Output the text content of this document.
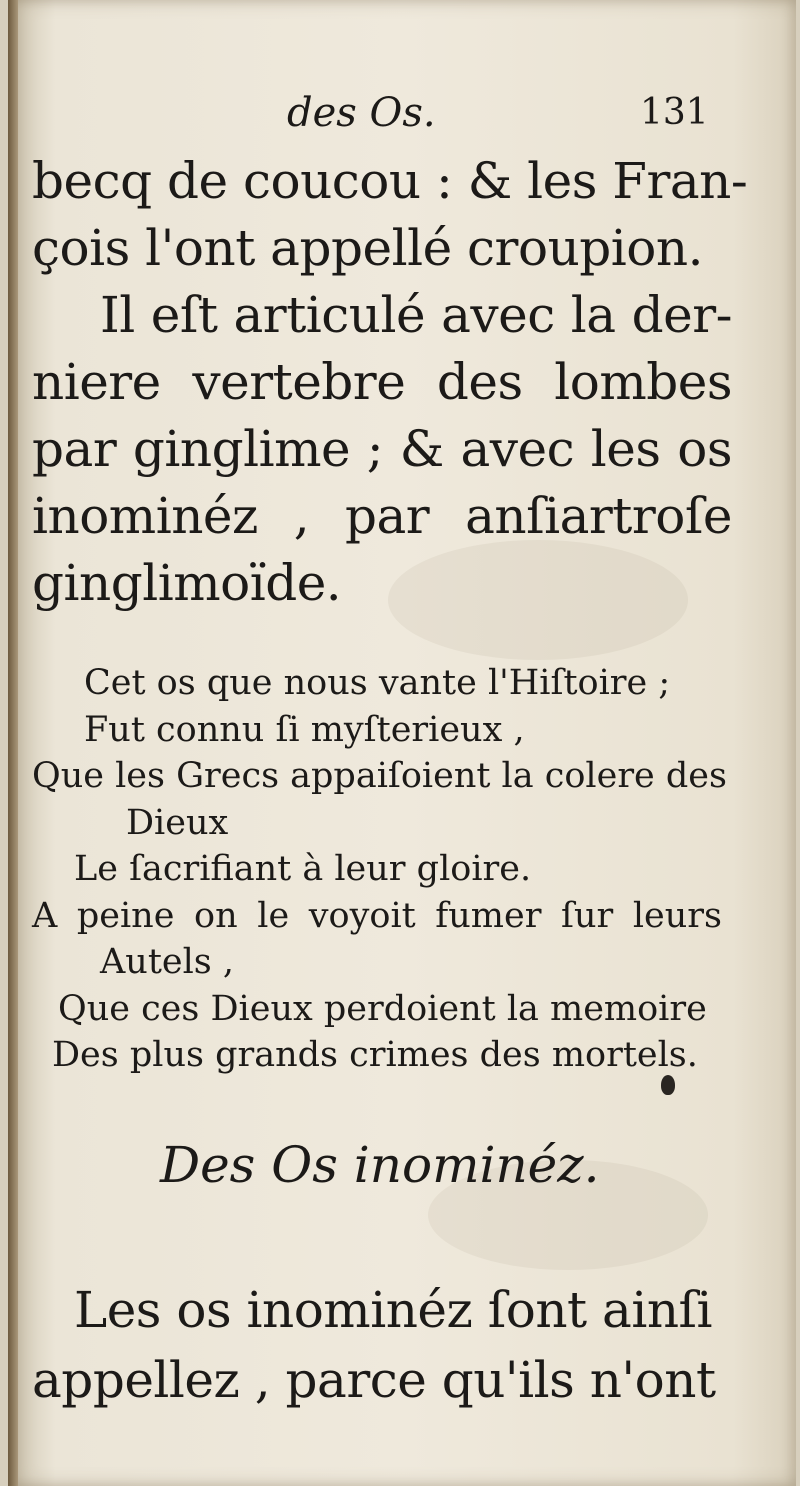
des Os.	131
becq de coucou : & les Fran-
çois l'ont appellé croupion.
Il eſt articulé avec la der-
niere vertebre des lombes
par ginglime ; & avec les os
inominéz , par anſiartroſe
ginglimoïde.
Cet os que nous vante l'Hiſtoire ;
Fut connu ſi myſterieux ,
Que les Grecs appaiſoient la colere des
Dieux
Le ſacrifiant à leur gloire.
A peine on le voyoit fumer ſur leurs
Autels ,
Que ces Dieux perdoient la memoire
Des plus grands crimes des mortels.
Des Os inominéz.
Les os inominéz ſont ainſi
appellez , parce qu'ils n'ont
